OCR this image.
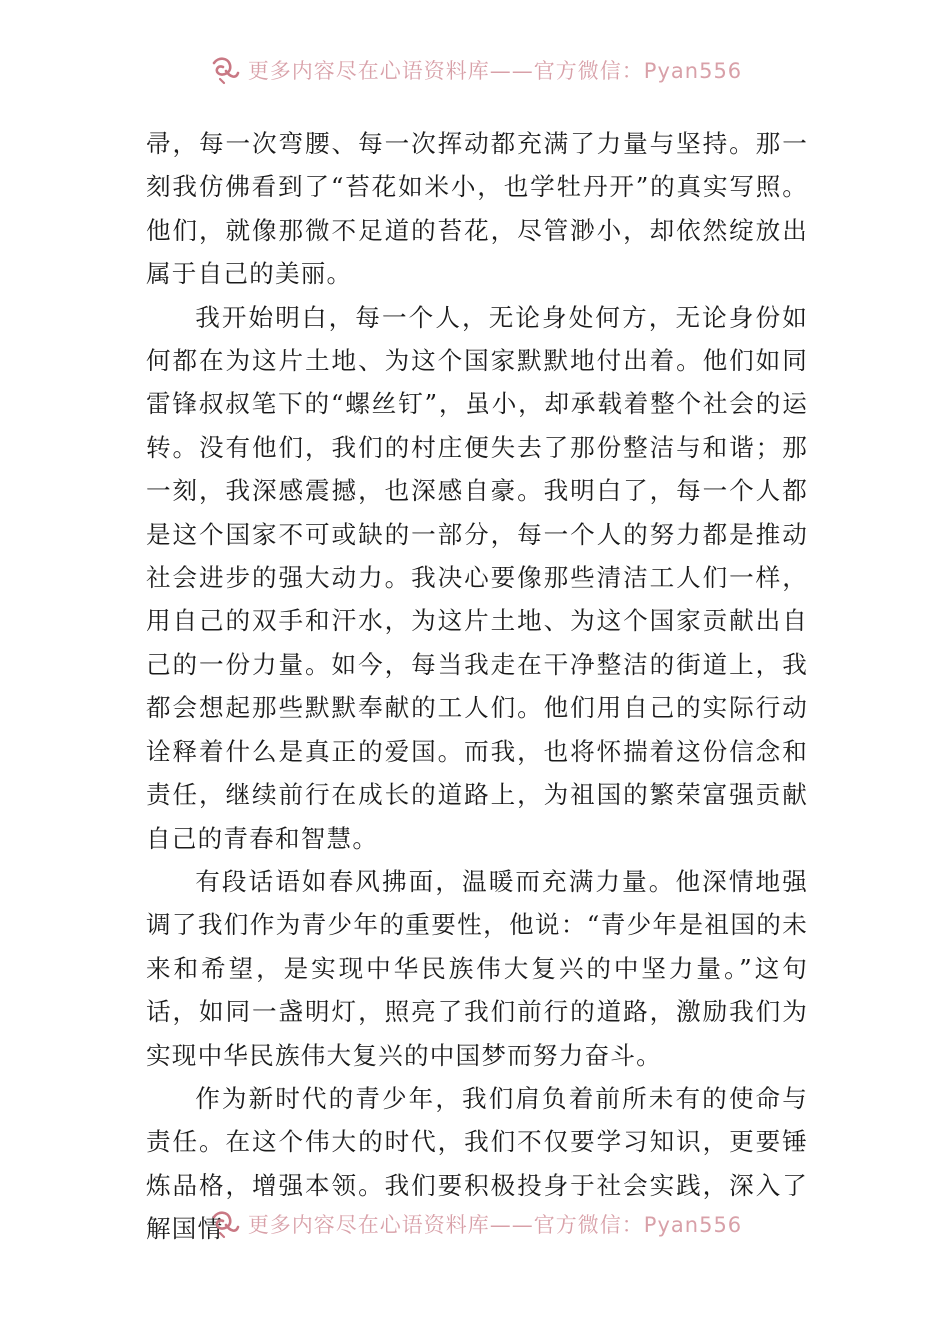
更多内容尽在心语资料库——官方微信：Pyan556

帚，每一次弯腰、每一次挥动都充满了力量与坚持。那一刻我仿佛看到了“苔花如米小，也学牡丹开”的真实写照。他们，就像那微不足道的苔花，尽管渺小，却依然绽放出属于自己的美丽。

我开始明白，每一个人，无论身处何方，无论身份如何都在为这片土地、为这个国家默默地付出着。他们如同雷锋叔叔笔下的“螺丝钉”，虽小，却承载着整个社会的运转。没有他们，我们的村庄便失去了那份整洁与和谐；那一刻，我深感震撼，也深感自豪。我明白了，每一个人都是这个国家不可或缺的一部分，每一个人的努力都是推动社会进步的强大动力。我决心要像那些清洁工人们一样，用自己的双手和汗水，为这片土地、为这个国家贡献出自己的一份力量。如今，每当我走在干净整洁的街道上，我都会想起那些默默奉献的工人们。他们用自己的实际行动诠释着什么是真正的爱国。而我，也将怀揣着这份信念和责任，继续前行在成长的道路上，为祖国的繁荣富强贡献自己的青春和智慧。

有段话语如春风拂面，温暖而充满力量。他深情地强调了我们作为青少年的重要性，他说：“青少年是祖国的未来和希望，是实现中华民族伟大复兴的中坚力量。”这句话，如同一盏明灯，照亮了我们前行的道路，激励我们为实现中华民族伟大复兴的中国梦而努力奋斗。

作为新时代的青少年，我们肩负着前所未有的使命与责任。在这个伟大的时代，我们不仅要学习知识，更要锤炼品格，增强本领。我们要积极投身于社会实践，深入了解国情	更多内容尽在心语资料库——官方微信：Pyan556
